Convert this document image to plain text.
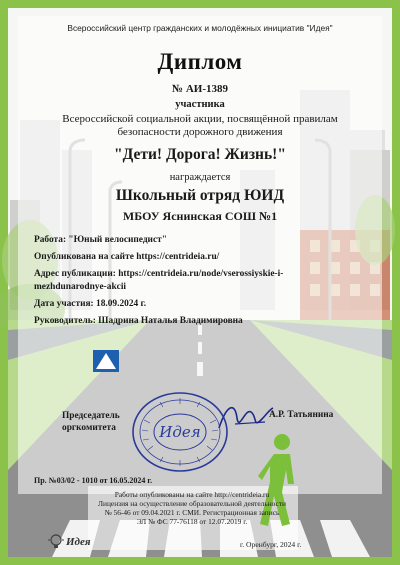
Всероссийский центр гражданских и молодёжных инициатив "Идея"
Диплом
№ АИ-1389
участника
Всероссийской социальной акции, посвящённой правилам безопасности дорожного движения
"Дети! Дорога! Жизнь!"
награждается
Школьный отряд ЮИД
МБОУ Яснинская СОШ №1
Работа: "Юный велосипедист"
Опубликована на сайте https://centrideia.ru/
Адрес публикации: https://centrideia.ru/node/vserossiyskie-i-mezhdunarodnye-akcii
Дата участия: 18.09.2024 г.
Руководитель: Шадрина Наталья Владимировна
Председатель
оргкомитета
А.Р. Татьянина
Идея
Пр. №03/02 - 1010 от 16.05.2024 г.
Работы опубликованы на сайте http://centrideia.ru
Лицензия на осуществление образовательной деятельности
№ 56-46 от 09.04.2021 г. СМИ. Регистрационная запись
ЭЛ № ФС 77-76118 от 12.07.2019 г.
Идея	г. Оренбург, 2024 г.
